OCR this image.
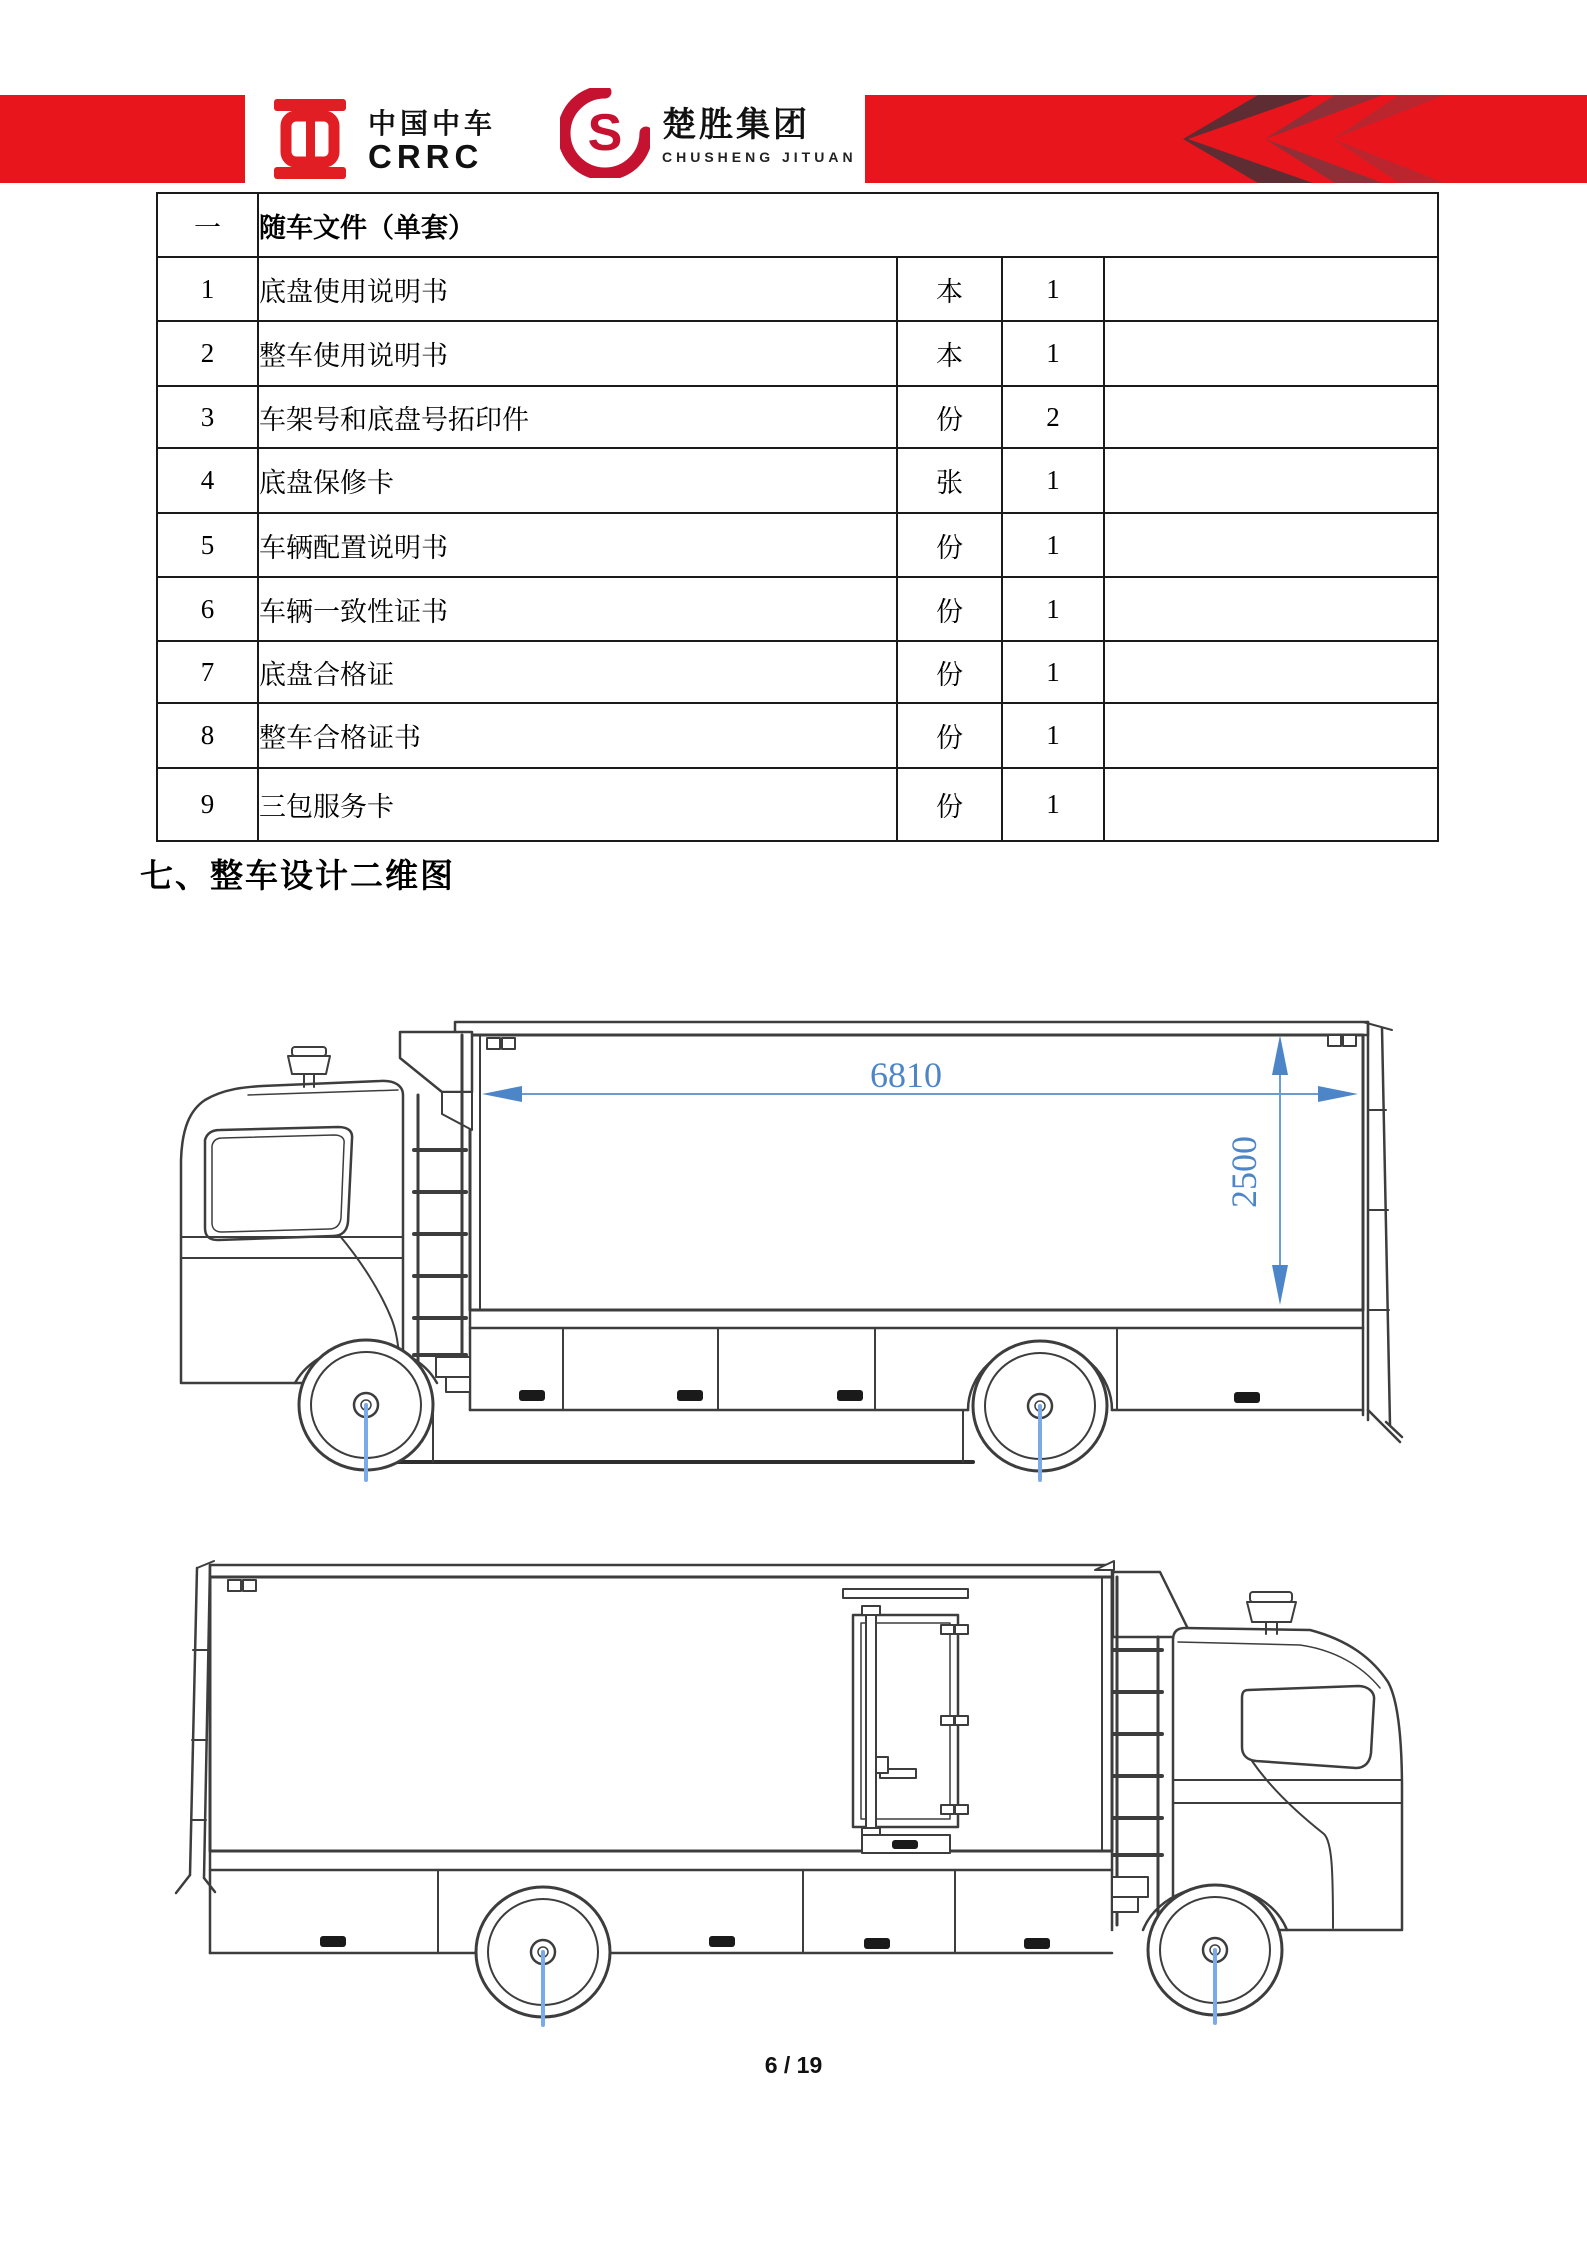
中国中车
CRRC S 楚胜集团
CHUSHENG JITUAN
一	随车文件（单套）			
1	底盘使用说明书	本	1	
2	整车使用说明书	本	1	
3	车架号和底盘号拓印件	份	2	
4	底盘保修卡	张	1	
5	车辆配置说明书	份	1	
6	车辆一致性证书	份	1	
7	底盘合格证	份	1	
8	整车合格证书	份	1	
9	三包服务卡	份	1	
七、整车设计二维图
6810
2500
6 / 19
